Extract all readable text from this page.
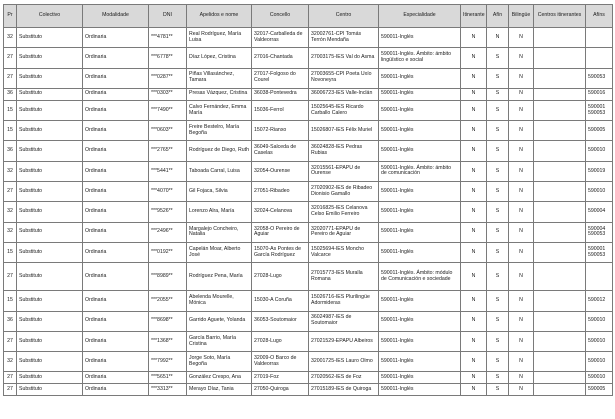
Pr	Colectivo	Modalidade	DNI	Apelidos e nome	Concello	Centro	Especialidade	Itinerante	Afín	Bilingüe	Centros itinerantes	Afíns
32	Substituto	Ordinaria	***4781**	Real Rodríguez, María Luisa	32017-Carballeda de Valdeorras	32002761-CPI Tomás Terrón Mendaña	590011-Inglés	N	N	N		
27	Substituto	Ordinaria	***6778**	Díaz López, Cristina	27016-Chantada	27003175-IES Val do Asma	590011-Inglés. Ámbito: ámbito lingüístico e social	N	S	N		
27	Substituto	Ordinaria	***0287**	Piñas Villasánchez, Tamara	27017-Folgoso do Courel	27003655-CPI Poeta Uxío Novoneyra	590011-Inglés	N	S	N		590053
36	Substituto	Ordinaria	***0303**	Presas Vázquez, Cristina	36038-Pontevedra	36006723-IES Valle-Inclán	590011-Inglés	N	S	N		590016
15	Substituto	Ordinaria	***7490**	Calvo Fernández, Emma María	15036-Ferrol	15025645-IES Ricardo Carballo Calero	590011-Inglés	N	S	N		590001 590053
15	Substituto	Ordinaria	***0603**	Freire Bestelro, María Begoña	15072-Rianxo	15026807-IES Félix Muriel	590011-Inglés	N	S	N		590005
36	Substituto	Ordinaria	***2765**	Rodríguez de Diego, Ruth	36049-Salceda de Caselas	36024828-IES Pedras Rubias	590011-Inglés	N	S	N		590010
32	Substituto	Ordinaria	***5441**	Taboada Carral, Luisa	32054-Ourense	32015561-EPAPU de Ourense	590011-Inglés. Ámbito: ámbito de comunicación	N	S	N		590019
27	Substituto	Ordinaria	***4070**	Gil Fojaca, Silvia	27051-Ribadeo	27020902-IES de Ribadeo Dionisio Gamallo	590011-Inglés	N	S	N		590010
32	Substituto	Ordinaria	***9526**	Lorenzo Alra, María	32024-Celanova	32016825-IES Celanova Celso Emilio Ferreiro	590011-Inglés	N	S	N		590004
32	Substituto	Ordinaria	***2496**	Margalejo Concheiro, Natalia	32058-O Pereiro de Aguiar	32020771-EPAPU de Pereiro de Aguiar	590011-Inglés	N	S	N		590004 590053
15	Substituto	Ordinaria	***0192**	Capelán Moar, Alberto José	15070-As Pontes de García Rodríguez	15025694-IES Moncho Valcarce	590011-Inglés	N	S	N		590001 590053
27	Substituto	Ordinaria	***8989**	Rodríguez Pena, María	27028-Lugo	27015773-IES Muralla Romana	590011-Inglés. Ámbito: módulo de Comunicación e sociedade	N	S	N		
15	Substituto	Ordinaria	***2055**	Abelenda Mourelle, Mónica	15030-A Coruña	15026716-IES Plurilingüe Adormideras	590011-Inglés	N	S	N		590012
36	Substituto	Ordinaria	***8698**	Garrido Aguete, Yolanda	36053-Soutomaior	36024987-IES de Soutomaior	590011-Inglés	N	S	N		590010
27	Substituto	Ordinaria	***1368**	García Barrio, María Cristina	27028-Lugo	27021529-EPAPU Albeiros	590011-Inglés	N	S	N		590010
32	Substituto	Ordinaria	***7992**	Jorge Soto, María Begoña	32009-O Barco de Valdeorras	32001725-IES Lauro Olmo	590011-Inglés	N	S	N		590010
27	Substituto	Ordinaria	***5651**	González Crespo, Ana	27019-Foz	27020562-IES de Foz	590011-Inglés	N	S	N		590010
27	Substituto	Ordinaria	***3313**	Merayo Díaz, Tania	27050-Quiroga	27015189-IES de Quiroga	590011-Inglés	N	S	N		590005
